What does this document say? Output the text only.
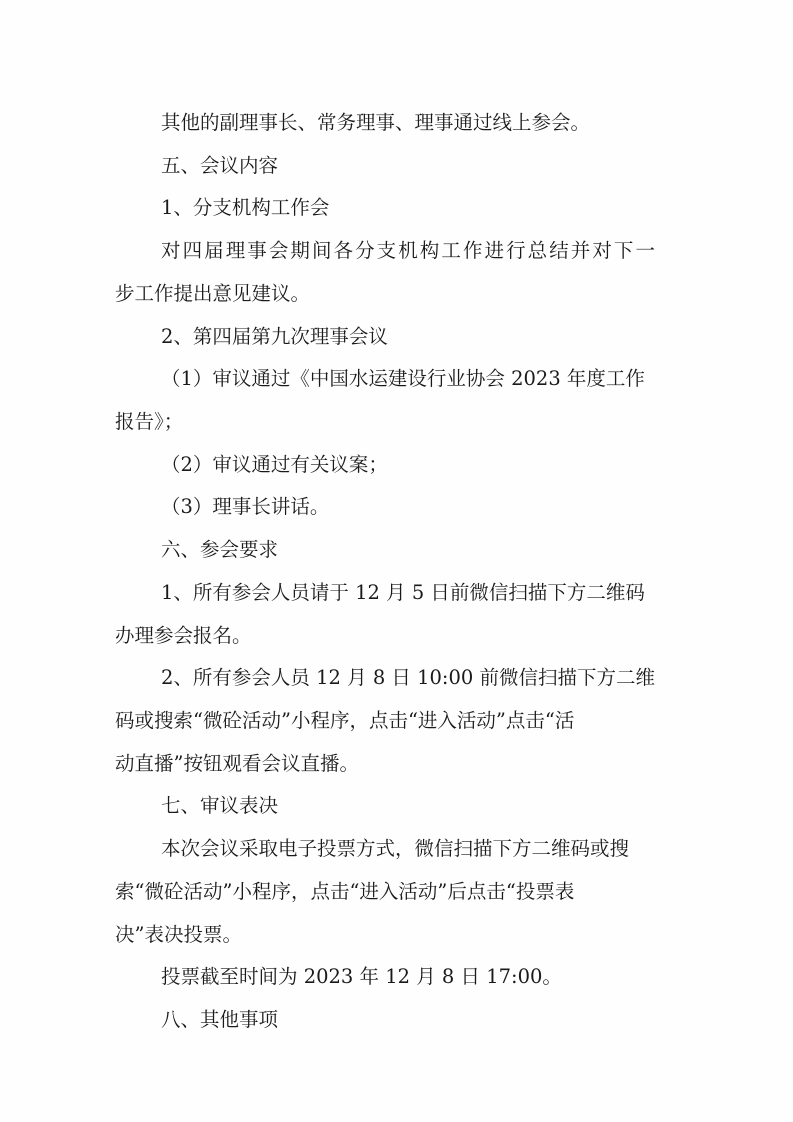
其他的副理事长、常务理事、理事通过线上参会。
五、会议内容
1、分支机构工作会
对四届理事会期间各分支机构工作进行总结并对下一
步工作提出意见建议。
2、第四届第九次理事会议
（1）审议通过《中国水运建设行业协会 2023 年度工作
报告》；
（2）审议通过有关议案；
（3）理事长讲话。
六、参会要求
1、所有参会人员请于 12 月 5 日前微信扫描下方二维码
办理参会报名。
2、所有参会人员 12 月 8 日 10:00 前微信扫描下方二维
码或搜索“微砼活动”小程序，点击“进入活动”点击“活
动直播”按钮观看会议直播。
七、审议表决
本次会议采取电子投票方式，微信扫描下方二维码或搜
索“微砼活动”小程序，点击“进入活动”后点击“投票表
决”表决投票。
投票截至时间为 2023 年 12 月 8 日 17:00。
八、其他事项
